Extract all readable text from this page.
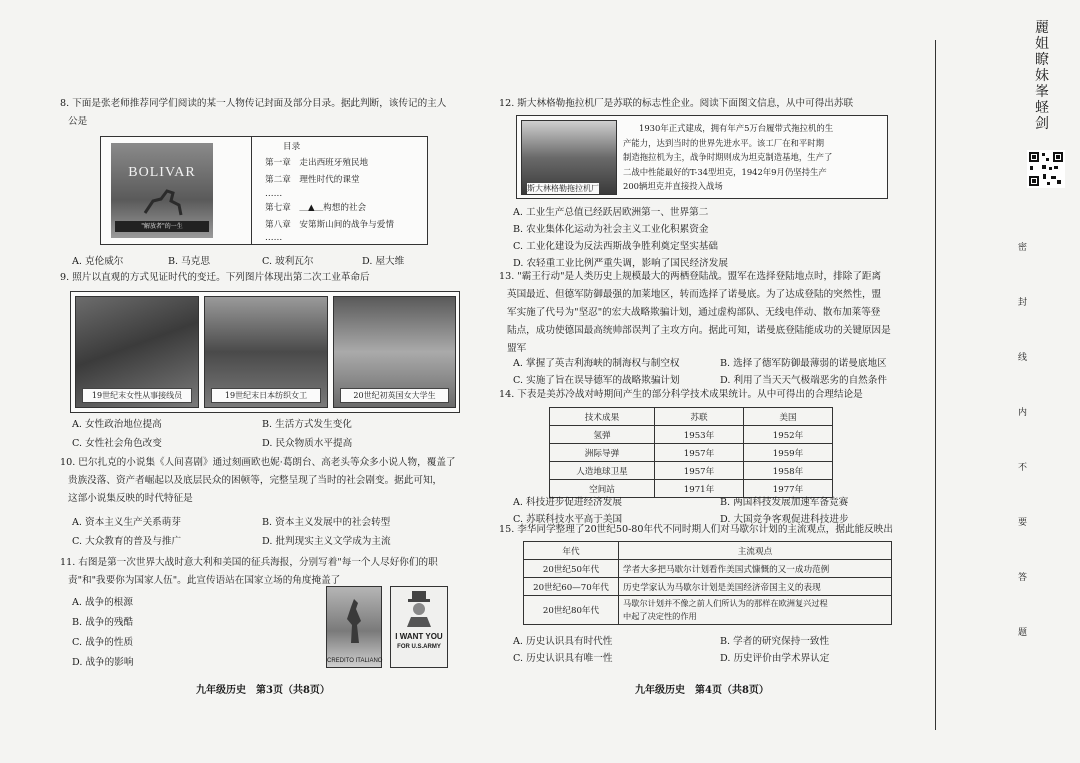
8. 下面是张老师推荐同学们阅读的某一人物传记封面及部分目录。据此判断，该传记的主人
公是
BOLIVAR
"解放者"的一生
目录
第一章　走出西班牙殖民地
第二章　理性时代的课堂
……
第七章　＿▲＿构想的社会
第八章　安第斯山间的战争与爱情
……
A. 克伦威尔	B. 马克思	C. 玻利瓦尔	D. 屋大维
9. 照片以直观的方式见证时代的变迁。下列图片体现出第二次工业革命后
19世纪末女性从事接线员	19世纪末日本纺织女工	20世纪初英国女大学生
A. 女性政治地位提高	B. 生活方式发生变化
C. 女性社会角色改变	D. 民众物质水平提高
10. 巴尔扎克的小说集《人间喜剧》通过刻画欧也妮·葛朗台、高老头等众多小说人物，覆盖了
贵族没落、资产者崛起以及底层民众的困顿等，完整呈现了当时的社会剧变。据此可知，
这部小说集反映的时代特征是
A. 资本主义生产关系萌芽	B. 资本主义发展中的社会转型
C. 大众教育的普及与推广	D. 批判现实主义文学成为主流
11. 右图是第一次世界大战时意大利和美国的征兵海报，分别写着"每一个人尽好你们的职
责"和"我要你为国家人伍"。此宣传语站在国家立场的角度掩盖了
A. 战争的根源
B. 战争的残酷
C. 战争的性质
D. 战争的影响	CREDITO ITALIANO
I WANT YOU
FOR U.S.ARMY
九年级历史　第3页（共8页）
12. 斯大林格勒拖拉机厂是苏联的标志性企业。阅读下面图文信息，从中可得出苏联
斯大林格勒拖拉机厂
1930年正式建成，拥有年产5万台履带式拖拉机的生
产能力，达到当时的世界先进水平。该工厂在和平时期
制造拖拉机为主，战争时期则成为坦克制造基地，生产了
二战中性能最好的T-34型坦克，1942年9月仍坚持生产
200辆坦克并直接投入战场
A. 工业生产总值已经跃居欧洲第一、世界第二
B. 农业集体化运动为社会主义工业化积累资金
C. 工业化建设为反法西斯战争胜利奠定坚实基础
D. 农轻重工业比例严重失调，影响了国民经济发展
13. "霸王行动"是人类历史上规模最大的两栖登陆战。盟军在选择登陆地点时，排除了距离
英国最近、但德军防御最强的加莱地区，转而选择了诺曼底。为了达成登陆的突然性，盟
军实施了代号为"坚忍"的宏大战略欺骗计划，通过虚构部队、无线电伴动、散布加莱等登
陆点，成功使德国最高统帅部误判了主攻方向。据此可知，诺曼底登陆能成功的关键原因是
盟军
A. 掌握了英吉利海峡的制海权与制空权	B. 选择了德军防御最薄弱的诺曼底地区
C. 实施了旨在误导德军的战略欺骗计划	D. 利用了当天天气极端恶劣的自然条件
14. 下表是美苏冷战对峙期间产生的部分科学技术成果统计。从中可得出的合理结论是
技术成果	苏联	美国
氢弹	1953年	1952年
洲际导弹	1957年	1959年
人造地球卫星	1957年	1958年
空间站	1971年	1977年
A. 科技进步促进经济发展	B. 两国科技发展加速军备竞赛
C. 苏联科技水平高于美国	D. 大国竞争客观促进科技进步
15. 李华同学整理了20世纪50-80年代不同时期人们对马歇尔计划的主流观点，据此能反映出
年代	主流观点
20世纪50年代	学者大多把马歇尔计划看作美国式慷慨的又一成功范例
20世纪60—70年代	历史学家认为马歇尔计划是美国经济帝国主义的表现
20世纪80年代	马歇尔计划并不像之前人们所认为的那样在欧洲复兴过程
中起了决定性的作用
A. 历史认识具有时代性	B. 学者的研究保持一致性
C. 历史认识具有唯一性	D. 历史评价由学术界认定
九年级历史　第4页（共8页）
麗姐瞭妹峯蛏剑
密
封
线
内
不
要
答
题
